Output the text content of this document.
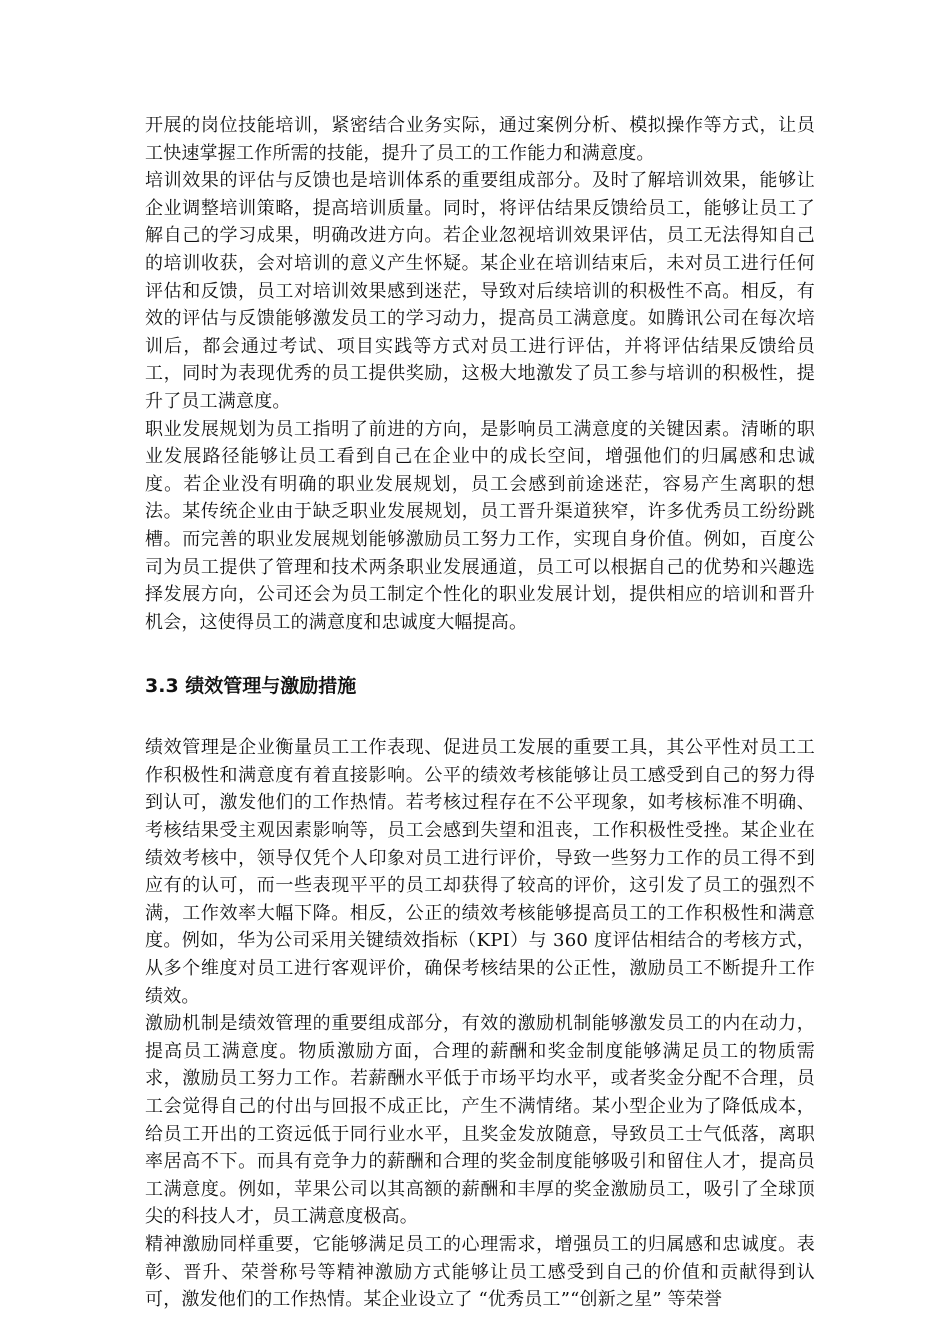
开展的岗位技能培训，紧密结合业务实际，通过案例分析、模拟操作等方式，让员工快速掌握工作所需的技能，提升了员工的工作能力和满意度。

培训效果的评估与反馈也是培训体系的重要组成部分。及时了解培训效果，能够让企业调整培训策略，提高培训质量。同时，将评估结果反馈给员工，能够让员工了解自己的学习成果，明确改进方向。若企业忽视培训效果评估，员工无法得知自己的培训收获，会对培训的意义产生怀疑。某企业在培训结束后，未对员工进行任何评估和反馈，员工对培训效果感到迷茫，导致对后续培训的积极性不高。相反，有效的评估与反馈能够激发员工的学习动力，提高员工满意度。如腾讯公司在每次培训后，都会通过考试、项目实践等方式对员工进行评估，并将评估结果反馈给员工，同时为表现优秀的员工提供奖励，这极大地激发了员工参与培训的积极性，提升了员工满意度。

职业发展规划为员工指明了前进的方向，是影响员工满意度的关键因素。清晰的职业发展路径能够让员工看到自己在企业中的成长空间，增强他们的归属感和忠诚度。若企业没有明确的职业发展规划，员工会感到前途迷茫，容易产生离职的想法。某传统企业由于缺乏职业发展规划，员工晋升渠道狭窄，许多优秀员工纷纷跳槽。而完善的职业发展规划能够激励员工努力工作，实现自身价值。例如，百度公司为员工提供了管理和技术两条职业发展通道，员工可以根据自己的优势和兴趣选择发展方向，公司还会为员工制定个性化的职业发展计划，提供相应的培训和晋升机会，这使得员工的满意度和忠诚度大幅提高。

3.3 绩效管理与激励措施

绩效管理是企业衡量员工工作表现、促进员工发展的重要工具，其公平性对员工工作积极性和满意度有着直接影响。公平的绩效考核能够让员工感受到自己的努力得到认可，激发他们的工作热情。若考核过程存在不公平现象，如考核标准不明确、考核结果受主观因素影响等，员工会感到失望和沮丧，工作积极性受挫。某企业在绩效考核中，领导仅凭个人印象对员工进行评价，导致一些努力工作的员工得不到应有的认可，而一些表现平平的员工却获得了较高的评价，这引发了员工的强烈不满，工作效率大幅下降。相反，公正的绩效考核能够提高员工的工作积极性和满意度。例如，华为公司采用关键绩效指标（KPI）与 360 度评估相结合的考核方式，从多个维度对员工进行客观评价，确保考核结果的公正性，激励员工不断提升工作绩效。

激励机制是绩效管理的重要组成部分，有效的激励机制能够激发员工的内在动力，提高员工满意度。物质激励方面，合理的薪酬和奖金制度能够满足员工的物质需求，激励员工努力工作。若薪酬水平低于市场平均水平，或者奖金分配不合理，员工会觉得自己的付出与回报不成正比，产生不满情绪。某小型企业为了降低成本，给员工开出的工资远低于同行业水平，且奖金发放随意，导致员工士气低落，离职率居高不下。而具有竞争力的薪酬和合理的奖金制度能够吸引和留住人才，提高员工满意度。例如，苹果公司以其高额的薪酬和丰厚的奖金激励员工，吸引了全球顶尖的科技人才，员工满意度极高。

精神激励同样重要，它能够满足员工的心理需求，增强员工的归属感和忠诚度。表彰、晋升、荣誉称号等精神激励方式能够让员工感受到自己的价值和贡献得到认可，激发他们的工作热情。某企业设立了 “优秀员工”“创新之星” 等荣誉
